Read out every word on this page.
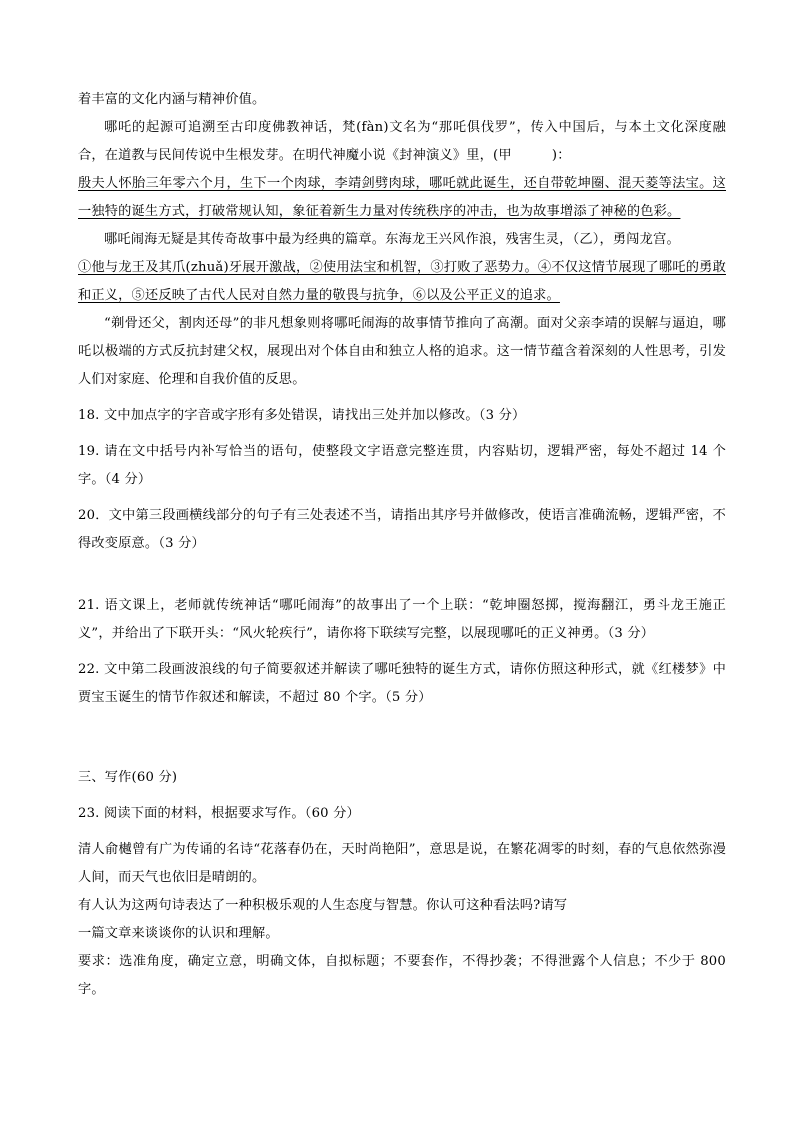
着丰富的文化内涵与精神价值。

哪吒的起源可追溯至古印度佛教神话，梵(fàn)文名为“那吒俱伐罗”，传入中国后，与本土文化深度融合，在道教与民间传说中生根发芽。在明代神魔小说《封神演义》里，(甲　　　)：

殷夫人怀胎三年零六个月，生下一个肉球，李靖剑劈肉球，哪吒就此诞生，还自带乾坤圈、混天菱等法宝。这一独特的诞生方式，打破常规认知，象征着新生力量对传统秩序的冲击，也为故事增添了神秘的色彩。

哪吒闹海无疑是其传奇故事中最为经典的篇章。东海龙王兴风作浪，残害生灵，（乙），勇闯龙宫。

①他与龙王及其爪(zhuǎ)牙展开激战，②使用法宝和机智，③打败了恶势力。④不仅这情节展现了哪吒的勇敢和正义，⑤还反映了古代人民对自然力量的敬畏与抗争，⑥以及公平正义的追求。

“剃骨还父，割肉还母”的非凡想象则将哪吒闹海的故事情节推向了高潮。面对父亲李靖的误解与逼迫，哪吒以极端的方式反抗封建父权，展现出对个体自由和独立人格的追求。这一情节蕴含着深刻的人性思考，引发人们对家庭、伦理和自我价值的反思。

18. 文中加点字的字音或字形有多处错误，请找出三处并加以修改。（3 分）

19. 请在文中括号内补写恰当的语句，使整段文字语意完整连贯，内容贴切，逻辑严密，每处不超过 14 个字。（4 分）

20．文中第三段画横线部分的句子有三处表述不当，请指出其序号并做修改，使语言准确流畅，逻辑严密，不得改变原意。（3 分）

21. 语文课上，老师就传统神话“哪吒闹海”的故事出了一个上联：“乾坤圈怒掷，搅海翻江，勇斗龙王施正义”，并给出了下联开头：“风火轮疾行”，请你将下联续写完整，以展现哪吒的正义神勇。（3 分）

22. 文中第二段画波浪线的句子简要叙述并解读了哪吒独特的诞生方式，请你仿照这种形式，就《红楼梦》中贾宝玉诞生的情节作叙述和解读，不超过 80 个字。（5 分）

三、写作(60 分)

23. 阅读下面的材料，根据要求写作。（60 分）

清人俞樾曾有广为传诵的名诗“花落春仍在，天时尚艳阳”，意思是说，在繁花凋零的时刻，春的气息依然弥漫人间，而天气也依旧是晴朗的。

有人认为这两句诗表达了一种积极乐观的人生态度与智慧。你认可这种看法吗?请写

一篇文章来谈谈你的认识和理解。

要求：选准角度，确定立意，明确文体，自拟标题；不要套作，不得抄袭；不得泄露个人信息；不少于 800 字。
